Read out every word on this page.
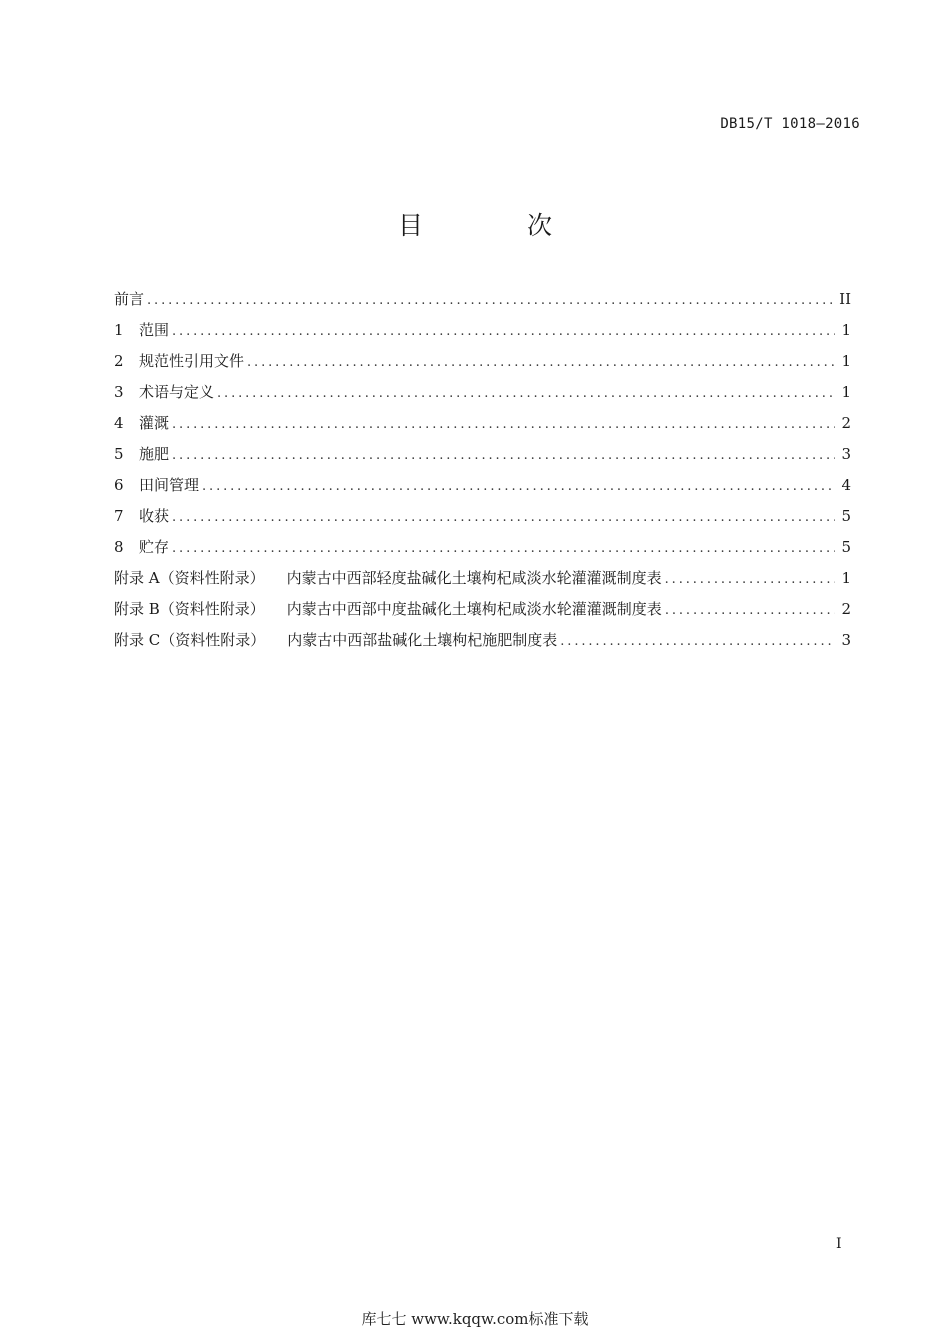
DB15/T 1018—2016
目 次
前言 .....	II
1	范围 .....	1
2	规范性引用文件 .....	1
3	术语与定义 .....	1
4	灌溉 .....	2
5	施肥 .....	3
6	田间管理 .....	4
7	收获 .....	5
8	贮存 .....	5
附录 A（资料性附录） 内蒙古中西部轻度盐碱化土壤枸杞咸淡水轮灌灌溉制度表 .....	1
附录 B（资料性附录） 内蒙古中西部中度盐碱化土壤枸杞咸淡水轮灌灌溉制度表 .....	2
附录 C（资料性附录） 内蒙古中西部盐碱化土壤枸杞施肥制度表 .....	3
I
库七七 www.kqqw.com标准下载
